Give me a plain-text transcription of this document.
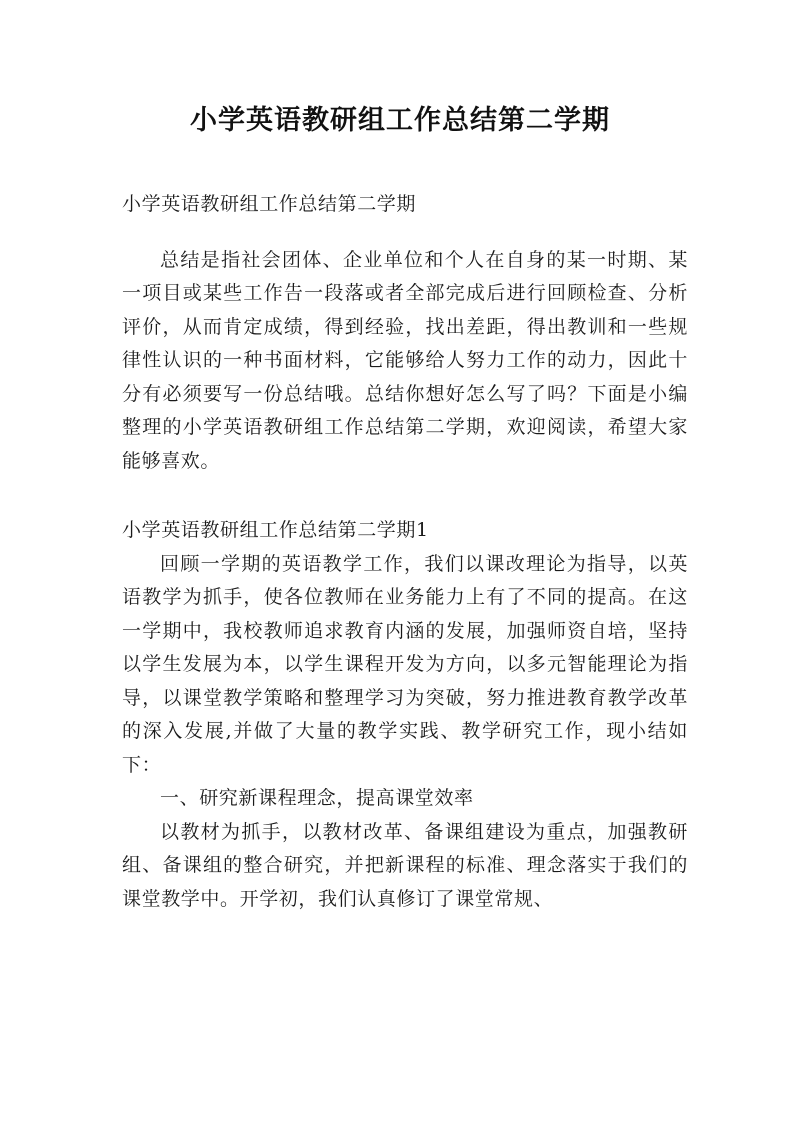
小学英语教研组工作总结第二学期

小学英语教研组工作总结第二学期

总结是指社会团体、企业单位和个人在自身的某一时期、某一项目或某些工作告一段落或者全部完成后进行回顾检查、分析评价，从而肯定成绩，得到经验，找出差距，得出教训和一些规律性认识的一种书面材料，它能够给人努力工作的动力，因此十分有必须要写一份总结哦。总结你想好怎么写了吗？下面是小编整理的小学英语教研组工作总结第二学期，欢迎阅读，希望大家能够喜欢。

小学英语教研组工作总结第二学期1

回顾一学期的英语教学工作，我们以课改理论为指导，以英语教学为抓手，使各位教师在业务能力上有了不同的提高。在这一学期中，我校教师追求教育内涵的发展，加强师资自培，坚持以学生发展为本，以学生课程开发为方向，以多元智能理论为指导，以课堂教学策略和整理学习为突破，努力推进教育教学改革的深入发展,并做了大量的教学实践、教学研究工作，现小结如下：

一、研究新课程理念，提高课堂效率

以教材为抓手，以教材改革、备课组建设为重点，加强教研组、备课组的整合研究，并把新课程的标准、理念落实于我们的课堂教学中。开学初，我们认真修订了课堂常规、
